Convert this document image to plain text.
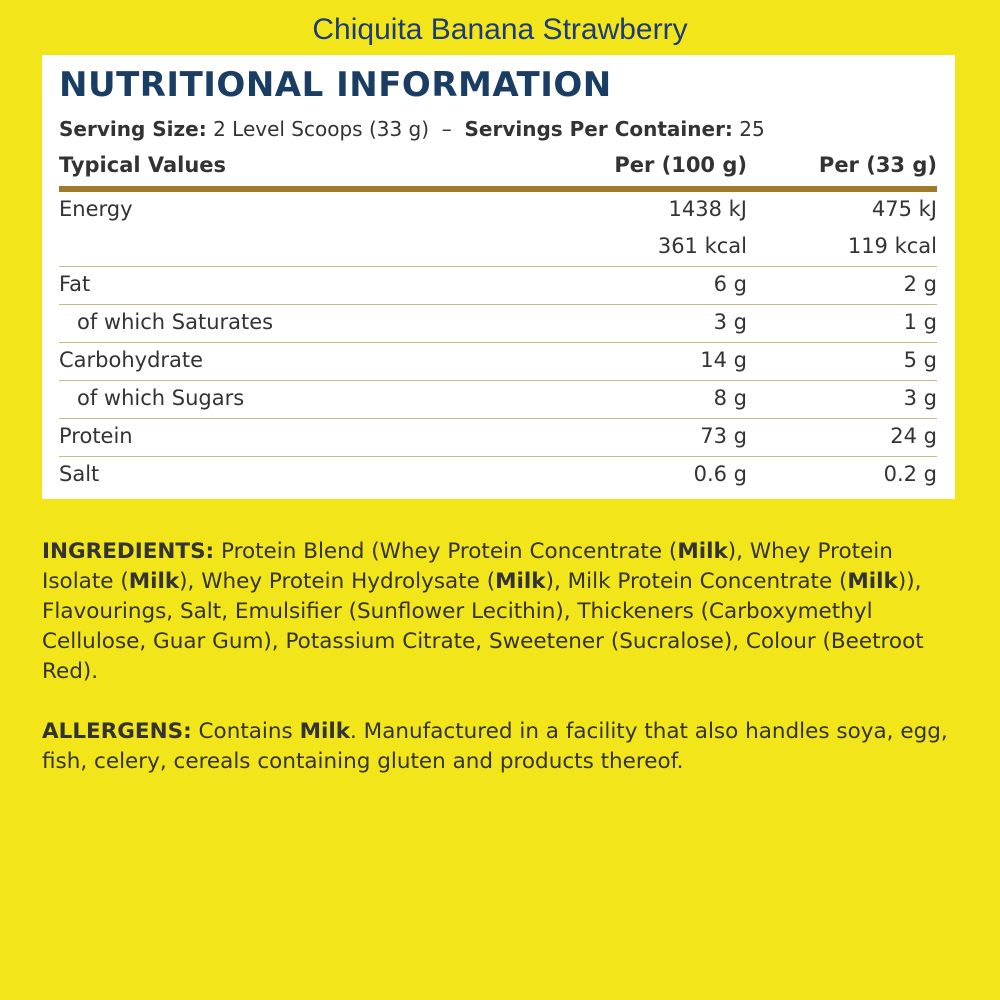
Chiquita Banana Strawberry
NUTRITIONAL INFORMATION
Serving Size: 2 Level Scoops (33 g) – Servings Per Container: 25
Typical Values	Per (100 g)	Per (33 g)
Energy	1438 kJ	475 kJ
361 kcal	119 kcal
Fat	6 g	2 g
of which Saturates	3 g	1 g
Carbohydrate	14 g	5 g
of which Sugars	8 g	3 g
Protein	73 g	24 g
Salt	0.6 g	0.2 g
INGREDIENTS: Protein Blend (Whey Protein Concentrate (Milk), Whey Protein Isolate (Milk), Whey Protein Hydrolysate (Milk), Milk Protein Concentrate (Milk)), Flavourings, Salt, Emulsifier (Sunflower Lecithin), Thickeners (Carboxymethyl Cellulose, Guar Gum), Potassium Citrate, Sweetener (Sucralose), Colour (Beetroot Red).
ALLERGENS: Contains Milk. Manufactured in a facility that also handles soya, egg, fish, celery, cereals containing gluten and products thereof.
